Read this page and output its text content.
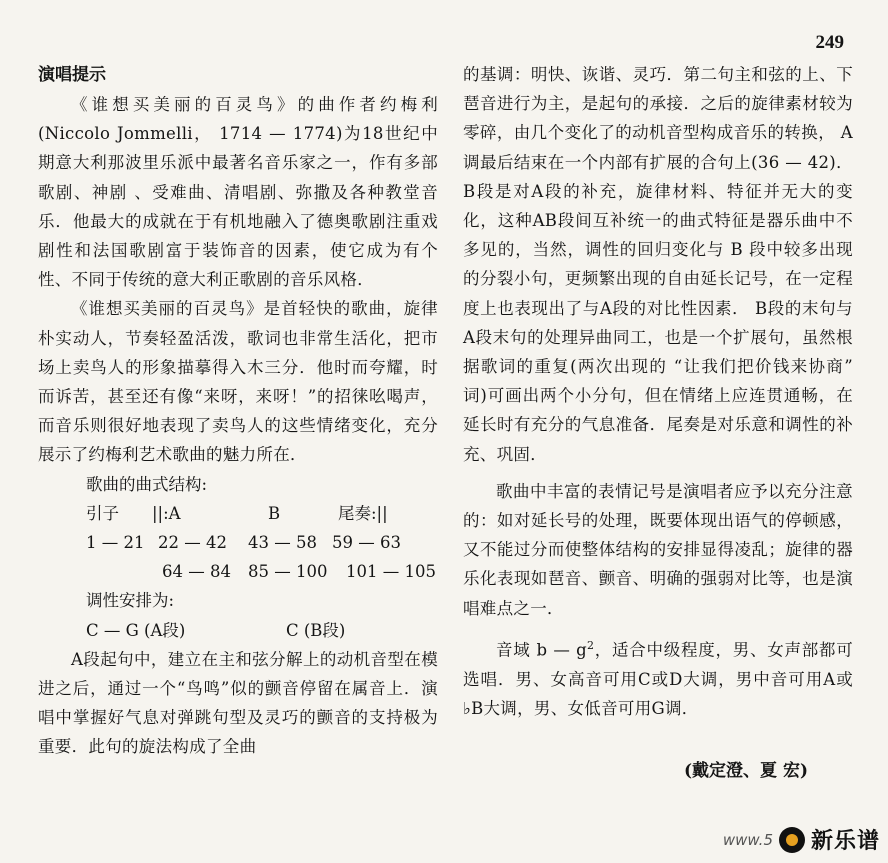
249

演唱提示

《谁想买美丽的百灵鸟》的曲作者约梅利(Niccolo Jommelli， 1714 — 1774)为18世纪中期意大利那波里乐派中最著名音乐家之一，作有多部歌剧、神剧 、受难曲、清唱剧、弥撒及各种教堂音乐．他最大的成就在于有机地融入了德奥歌剧注重戏剧性和法国歌剧富于装饰音的因素，使它成为有个性、不同于传统的意大利正歌剧的音乐风格．

《谁想买美丽的百灵鸟》是首轻快的歌曲，旋律朴实动人，节奏轻盈活泼，歌词也非常生活化，把市场上卖鸟人的形象描摹得入木三分．他时而夸耀，时而诉苦，甚至还有像“来呀，来呀！”的招徕吆喝声，而音乐则很好地表现了卖鸟人的这些情绪变化，充分展示了约梅利艺术歌曲的魅力所在．

歌曲的曲式结构:
引子 ||:A	B	尾奏:||
1 — 21 22 — 42 43 — 58 59 — 63
64 — 84 85 — 100 101 — 105
调性安排为:
C — G (A段)	C (B段)

A段起句中，建立在主和弦分解上的动机音型在模进之后，通过一个“鸟鸣”似的颤音停留在属音上．演唱中掌握好气息对弹跳句型及灵巧的颤音的支持极为重要．此句的旋法构成了全曲

的基调：明快、诙谐、灵巧．第二句主和弦的上、下琶音进行为主，是起句的承接．之后的旋律素材较为零碎，由几个变化了的动机音型构成音乐的转换， A 调最后结束在一个内部有扩展的合句上(36 — 42)． B段是对A段的补充，旋律材料、特征并无大的变化，这种AB段间互补统一的曲式特征是器乐曲中不多见的，当然，调性的回归变化与 B 段中较多出现的分裂小句，更频繁出现的自由延长记号，在一定程度上也表现出了与A段的对比性因素． B段的末句与A段末句的处理异曲同工，也是一个扩展句，虽然根据歌词的重复(两次出现的 “让我们把价钱来协商” 词)可画出两个小分句，但在情绪上应连贯通畅，在延长时有充分的气息准备．尾奏是对乐意和调性的补充、巩固．

歌曲中丰富的表情记号是演唱者应予以充分注意的：如对延长号的处理，既要体现出语气的停顿感，又不能过分而使整体结构的安排显得凌乱；旋律的器乐化表现如琶音、颤音、明确的强弱对比等，也是演唱难点之一．

音域 b — $g^2$，适合中级程度，男、女声部都可选唱．男、女高音可用C或D大调，男中音可用A或♭B大调，男、女低音可用G调．

(戴定澄、夏 宏)
www.5 新乐谱
